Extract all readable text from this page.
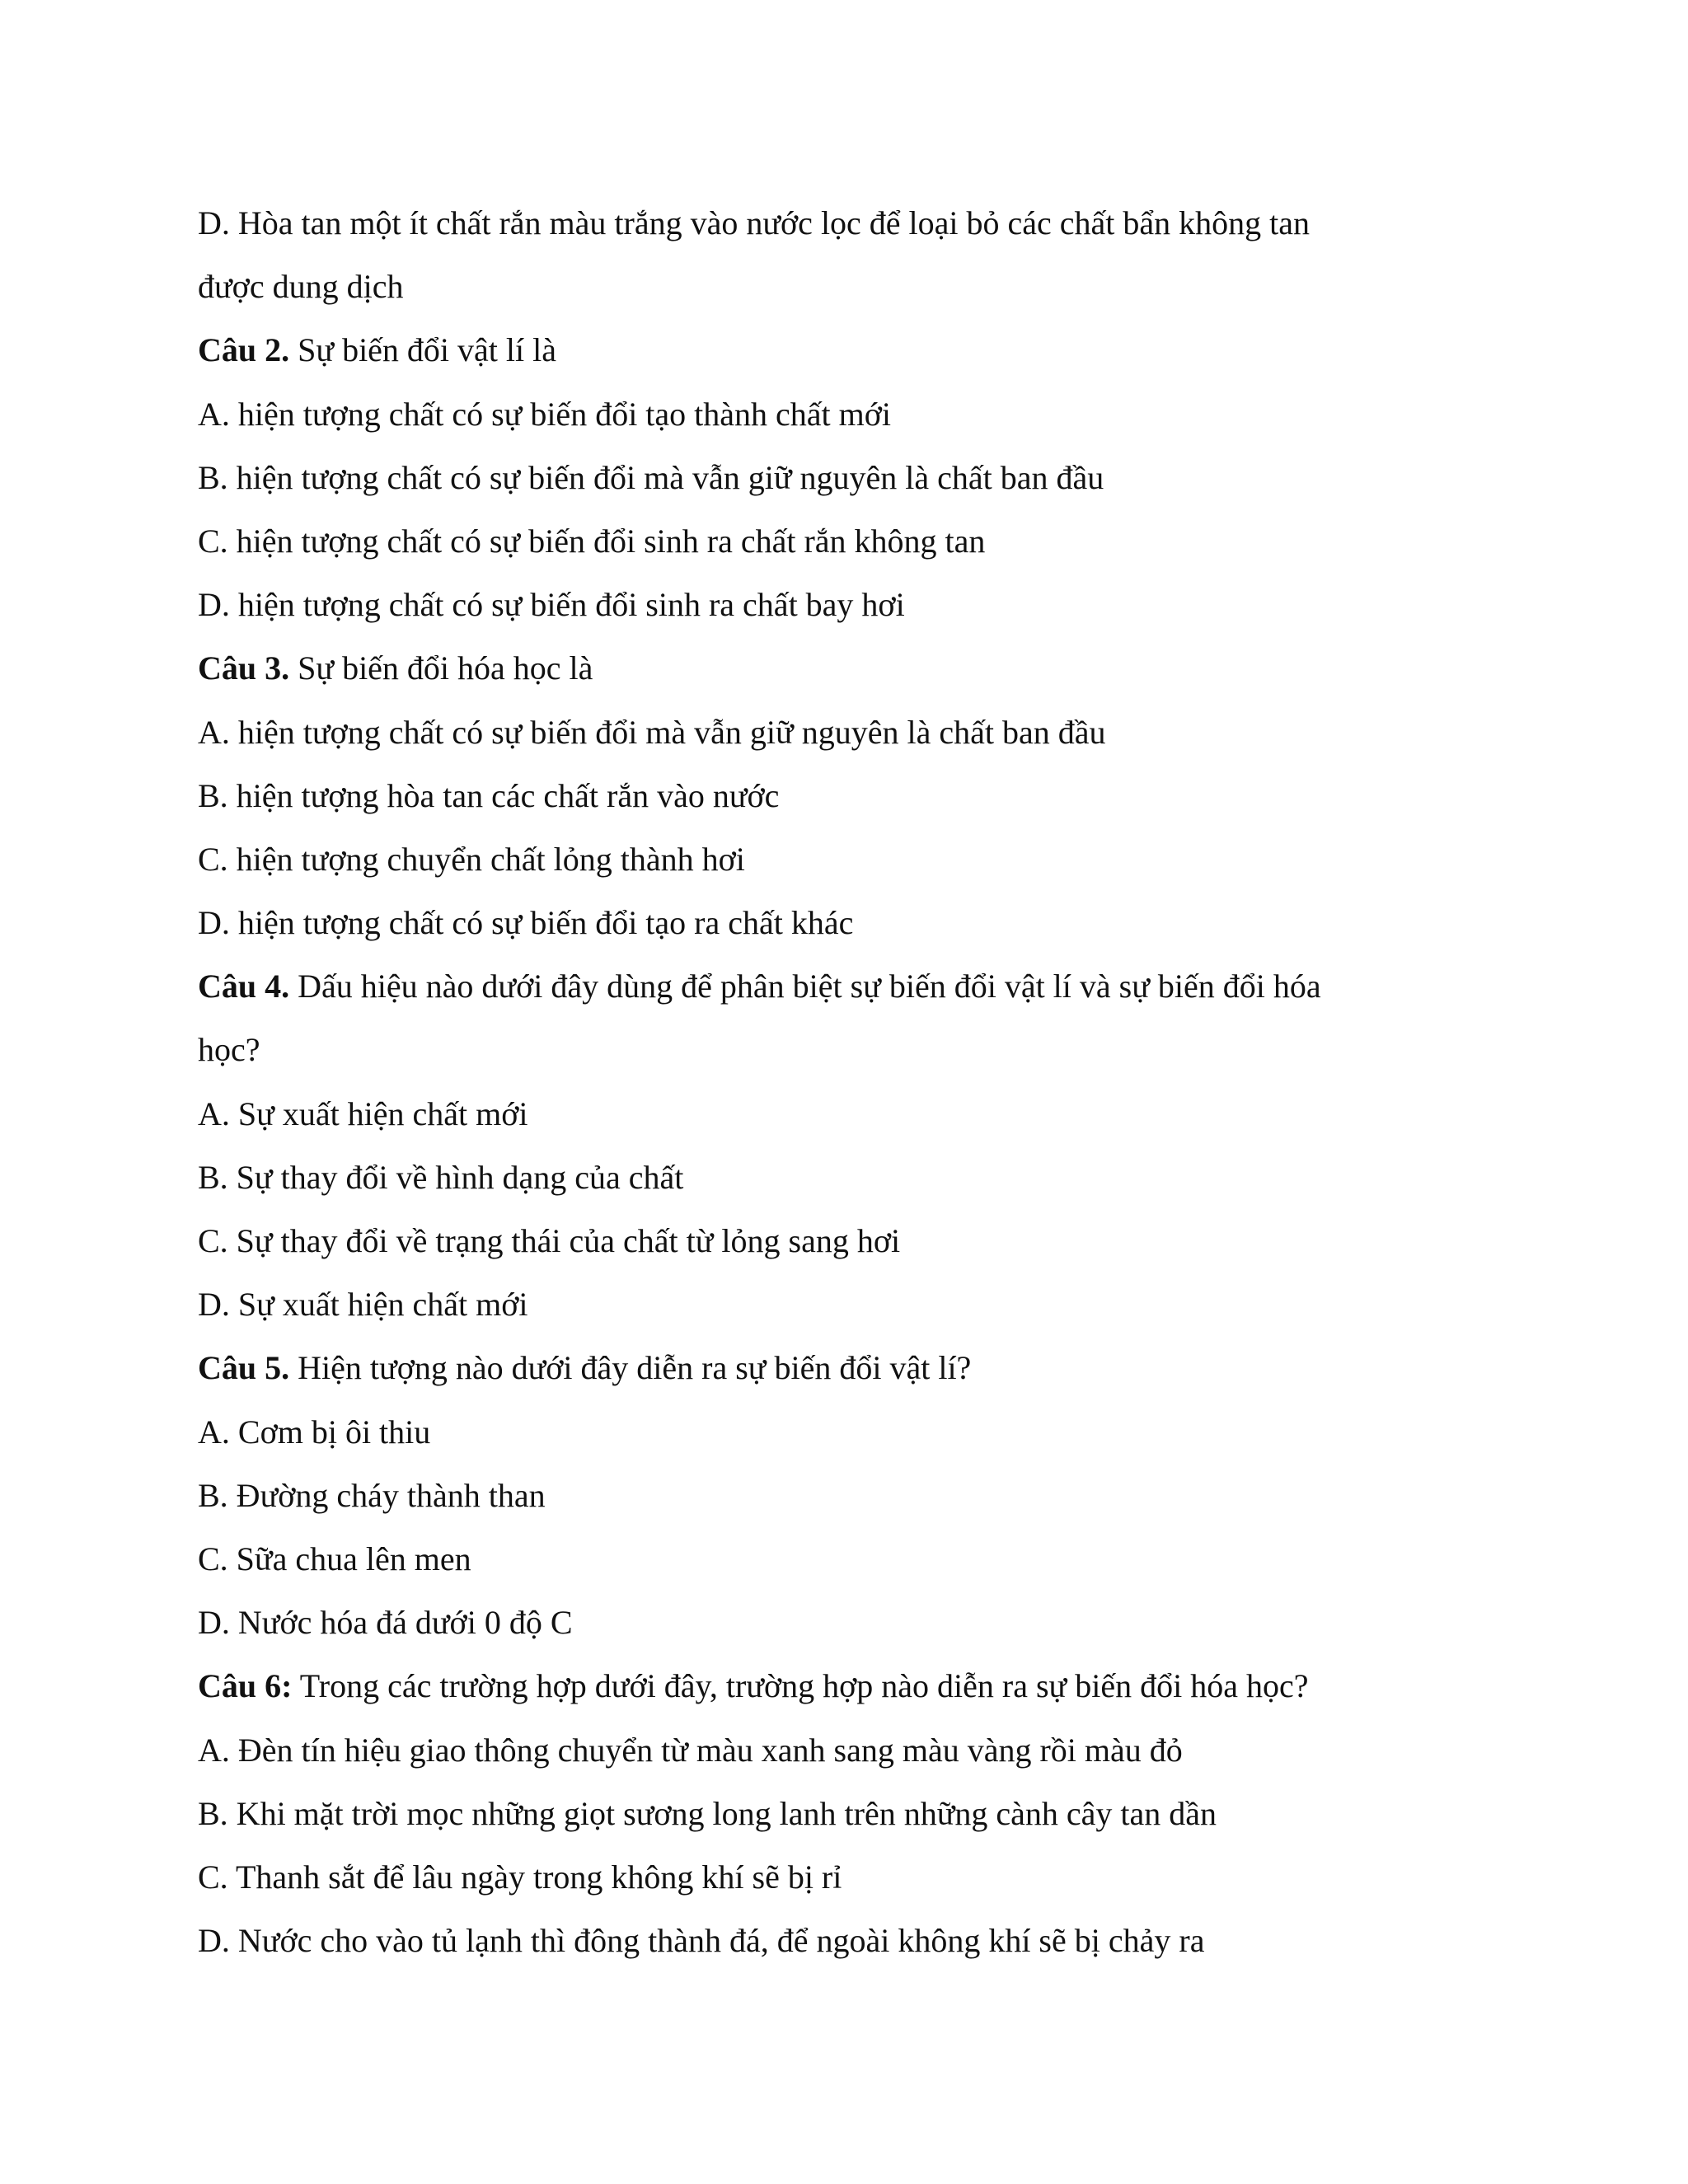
D. Hòa tan một ít chất rắn màu trắng vào nước lọc để loại bỏ các chất bẩn không tan
được dung dịch
Câu 2. Sự biến đổi vật lí là
A. hiện tượng chất có sự biến đổi tạo thành chất mới
B. hiện tượng chất có sự biến đổi mà vẫn giữ nguyên là chất ban đầu
C. hiện tượng chất có sự biến đổi sinh ra chất rắn không tan
D. hiện tượng chất có sự biến đổi sinh ra chất bay hơi
Câu 3. Sự biến đổi hóa học là
A. hiện tượng chất có sự biến đổi mà vẫn giữ nguyên là chất ban đầu
B. hiện tượng hòa tan các chất rắn vào nước
C. hiện tượng chuyển chất lỏng thành hơi
D. hiện tượng chất có sự biến đổi tạo ra chất khác
Câu 4. Dấu hiệu nào dưới đây dùng để phân biệt sự biến đổi vật lí và sự biến đổi hóa
học?
A. Sự xuất hiện chất mới
B. Sự thay đổi về hình dạng của chất
C. Sự thay đổi về trạng thái của chất từ lỏng sang hơi
D. Sự xuất hiện chất mới
Câu 5. Hiện tượng nào dưới đây diễn ra sự biến đổi vật lí?
A. Cơm bị ôi thiu
B. Đường cháy thành than
C. Sữa chua lên men
D. Nước hóa đá dưới 0 độ C
Câu 6: Trong các trường hợp dưới đây, trường hợp nào diễn ra sự biến đổi hóa học?
A. Đèn tín hiệu giao thông chuyển từ màu xanh sang màu vàng rồi màu đỏ
B. Khi mặt trời mọc những giọt sương long lanh trên những cành cây tan dần
C. Thanh sắt để lâu ngày trong không khí sẽ bị rỉ
D. Nước cho vào tủ lạnh thì đông thành đá, để ngoài không khí sẽ bị chảy ra
